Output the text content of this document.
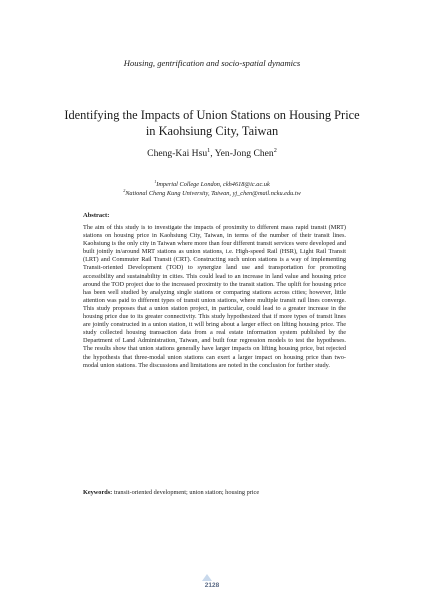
Housing, gentrification and socio-spatial dynamics
Identifying the Impacts of Union Stations on Housing Price in Kaohsiung City, Taiwan
Cheng-Kai Hsu$^1$, Yen-Jong Chen$^2$
$^1$Imperial College London, ckh4618@ic.ac.uk
$^2$National Cheng Kung University, Taiwan, yj_chen@mail.ncku.edu.tw
Abstract:

The aim of this study is to investigate the impacts of proximity to different mass rapid transit (MRT) stations on housing price in Kaohsiung City, Taiwan, in terms of the number of their transit lines. Kaohsiung is the only city in Taiwan where more than four different transit services were developed and built jointly in/around MRT stations as union stations, i.e. High-speed Rail (HSR), Light Rail Transit (LRT) and Commuter Rail Transit (CRT). Constructing such union stations is a way of implementing Transit-oriented Development (TOD) to synergize land use and transportation for promoting accessibility and sustainability in cities. This could lead to an increase in land value and housing price around the TOD project due to the increased proximity to the transit station. The uplift for housing price has been well studied by analyzing single stations or comparing stations across cities; however, little attention was paid to different types of transit union stations, where multiple transit rail lines converge. This study proposes that a union station project, in particular, could lead to a greater increase in the housing price due to its greater connectivity. This study hypothesized that if more types of transit lines are jointly constructed in a union station, it will bring about a larger effect on lifting housing price. The study collected housing transaction data from a real estate information system published by the Department of Land Administration, Taiwan, and built four regression models to test the hypotheses. The results show that union stations generally have larger impacts on lifting housing price, but rejected the hypothesis that three-modal union stations can exert a larger impact on housing price than two-modal union stations. The discussions and limitations are noted in the conclusion for further study.

Keywords: transit-oriented development; union station; housing price
2128
